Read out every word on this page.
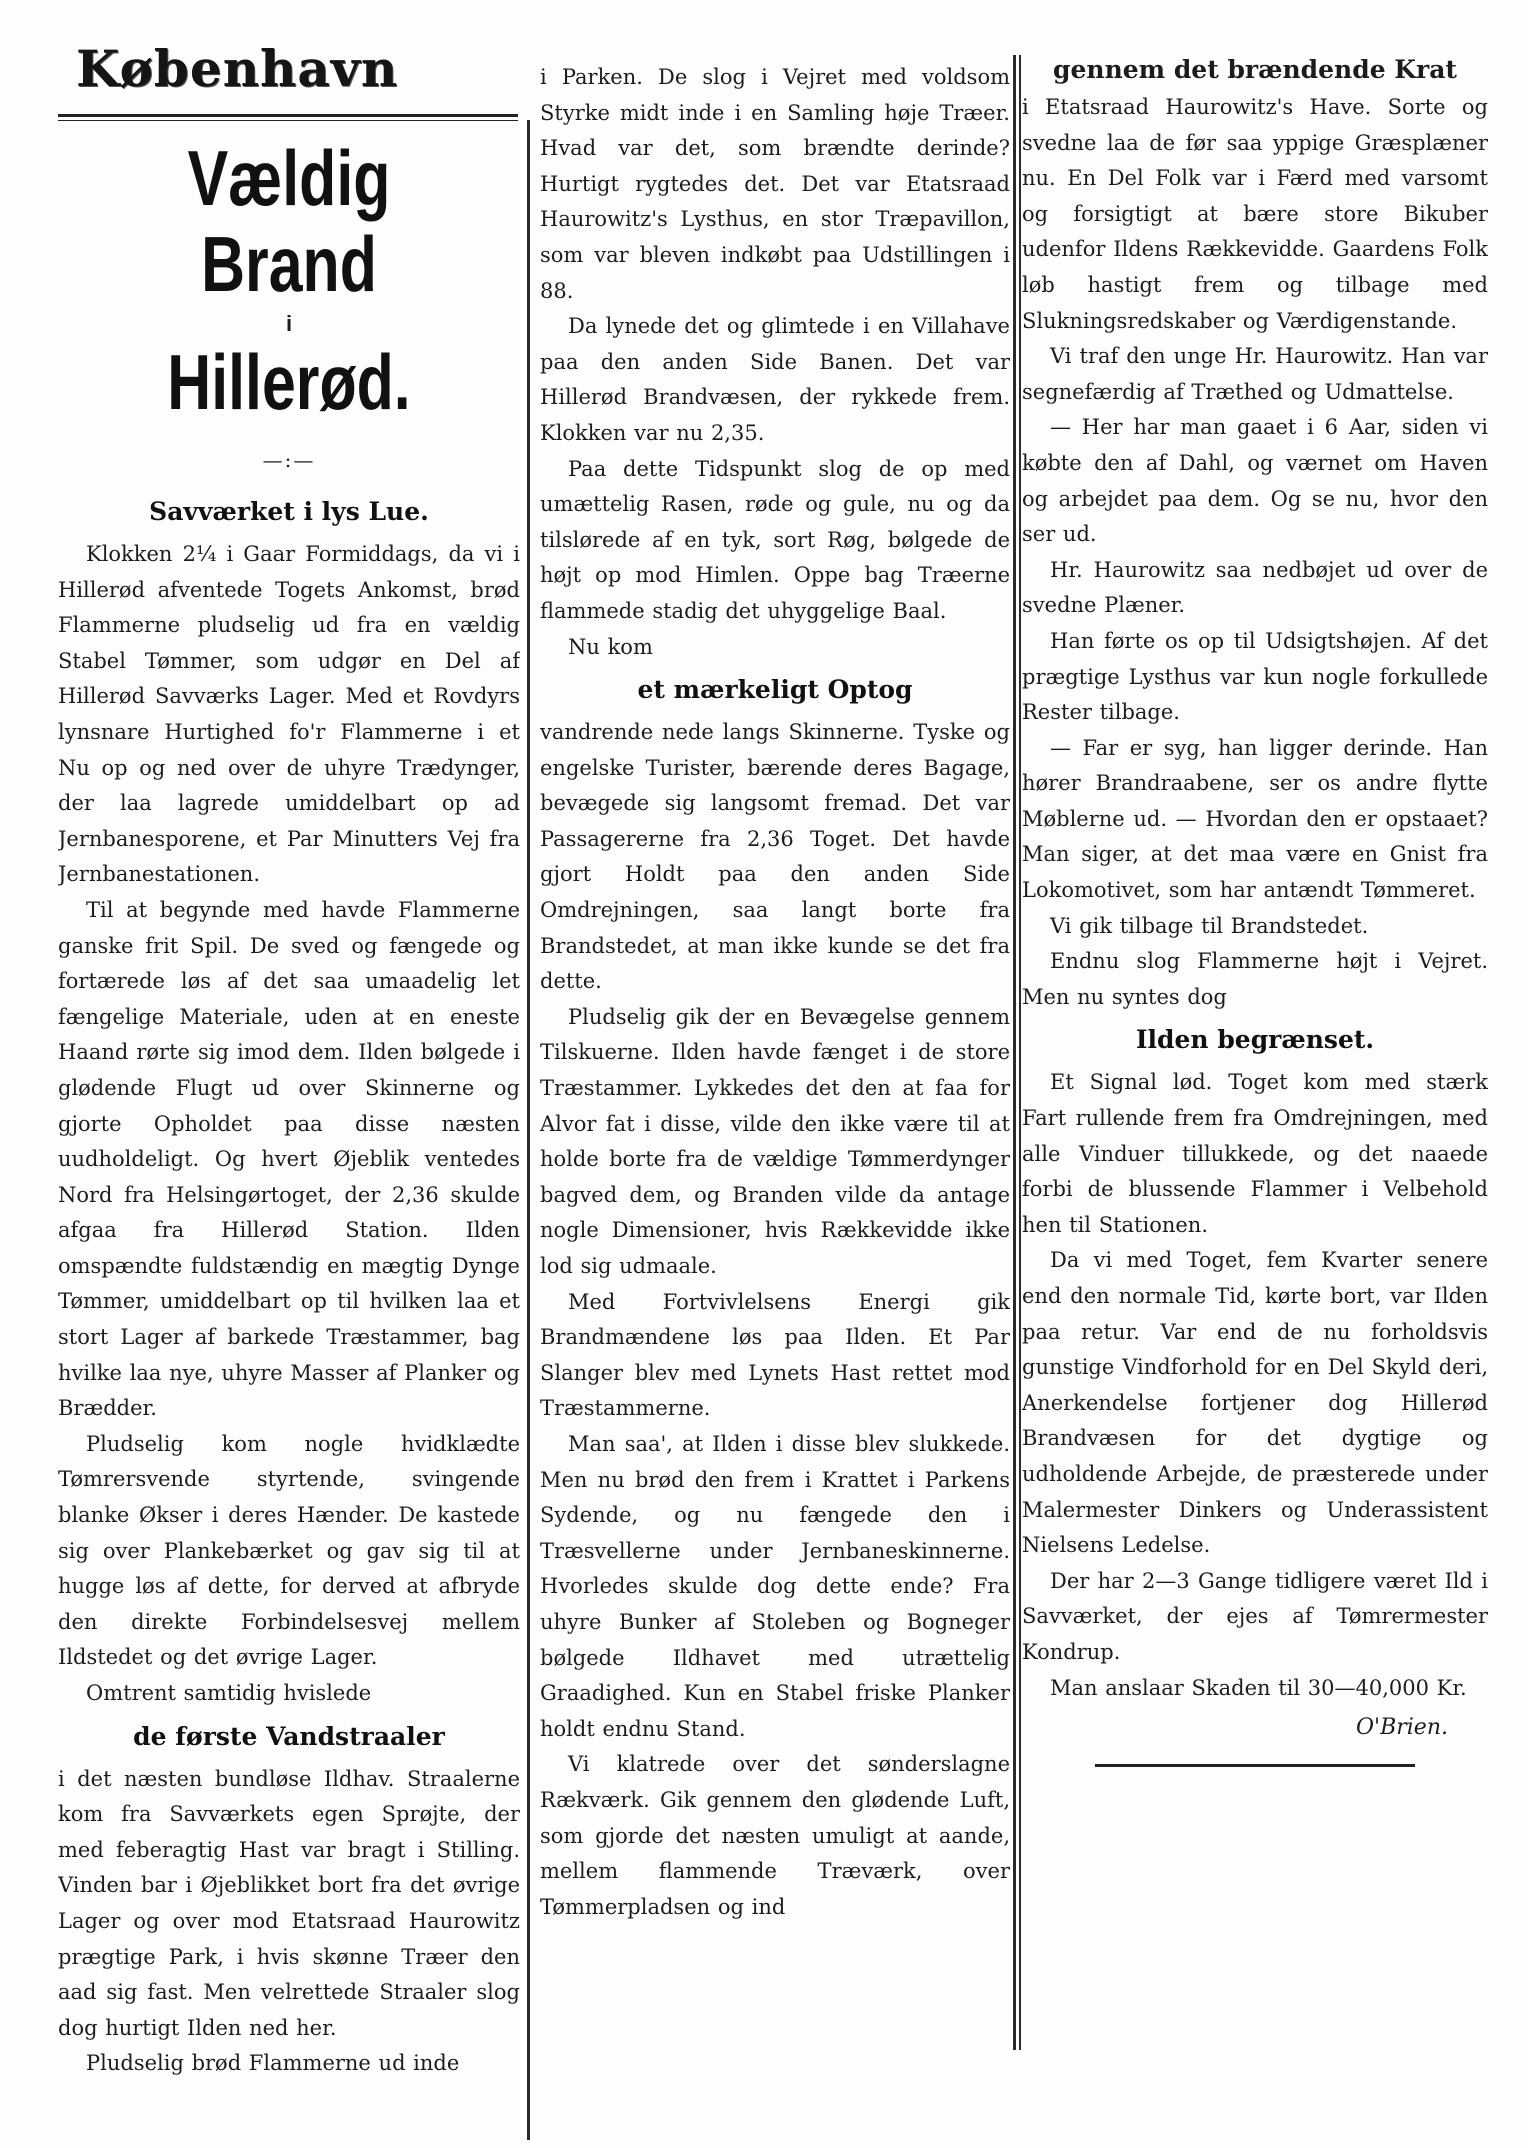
København
Vældig Brand
i
Hillerød.
—:—
Savværket i lys Lue.

Klokken 2¼ i Gaar Formiddags, da vi i Hillerød afventede Togets Ankomst, brød Flammerne pludselig ud fra en vældig Stabel Tømmer, som udgør en Del af Hillerød Savværks Lager. Med et Rovdyrs lynsnare Hurtighed fo'r Flammerne i et Nu op og ned over de uhyre Trædynger, der laa lagrede umiddelbart op ad Jernbanesporene, et Par Minutters Vej fra Jernbanestationen.

Til at begynde med havde Flammerne ganske frit Spil. De sved og fængede og fortærede løs af det saa umaadelig let fængelige Materiale, uden at en eneste Haand rørte sig imod dem. Ilden bølgede i glødende Flugt ud over Skinnerne og gjorte Opholdet paa disse næsten uudholdeligt. Og hvert Øjeblik ventedes Nord fra Helsingørtoget, der 2,36 skulde afgaa fra Hillerød Station. Ilden omspændte fuldstændig en mægtig Dynge Tømmer, umiddelbart op til hvilken laa et stort Lager af barkede Træstammer, bag hvilke laa nye, uhyre Masser af Planker og Brædder.

Pludselig kom nogle hvidklædte Tømrersvende styrtende, svingende blanke Økser i deres Hænder. De kastede sig over Plankebærket og gav sig til at hugge løs af dette, for derved at afbryde den direkte Forbindelsesvej mellem Ildstedet og det øvrige Lager.

Omtrent samtidig hvislede

de første Vandstraaler

i det næsten bundløse Ildhav. Straalerne kom fra Savværkets egen Sprøjte, der med feberagtig Hast var bragt i Stilling. Vinden bar i Øjeblikket bort fra det øvrige Lager og over mod Etatsraad Haurowitz prægtige Park, i hvis skønne Træer den aad sig fast. Men velrettede Straaler slog dog hurtigt Ilden ned her.

Pludselig brød Flammerne ud inde

i Parken. De slog i Vejret med voldsom Styrke midt inde i en Samling høje Træer. Hvad var det, som brændte derinde? Hurtigt rygtedes det. Det var Etatsraad Haurowitz's Lysthus, en stor Træpavillon, som var bleven indkøbt paa Udstillingen i 88.

Da lynede det og glimtede i en Villahave paa den anden Side Banen. Det var Hillerød Brandvæsen, der rykkede frem. Klokken var nu 2,35.

Paa dette Tidspunkt slog de op med umættelig Rasen, røde og gule, nu og da tilslørede af en tyk, sort Røg, bølgede de højt op mod Himlen. Oppe bag Træerne flammede stadig det uhyggelige Baal.

Nu kom

et mærkeligt Optog

vandrende nede langs Skinnerne. Tyske og engelske Turister, bærende deres Bagage, bevægede sig langsomt fremad. Det var Passagererne fra 2,36 Toget. Det havde gjort Holdt paa den anden Side Omdrejningen, saa langt borte fra Brandstedet, at man ikke kunde se det fra dette.

Pludselig gik der en Bevægelse gennem Tilskuerne. Ilden havde fænget i de store Træstammer. Lykkedes det den at faa for Alvor fat i disse, vilde den ikke være til at holde borte fra de vældige Tømmerdynger bagved dem, og Branden vilde da antage nogle Dimensioner, hvis Rækkevidde ikke lod sig udmaale.

Med Fortvivlelsens Energi gik Brandmændene løs paa Ilden. Et Par Slanger blev med Lynets Hast rettet mod Træstammerne.

Man saa', at Ilden i disse blev slukkede. Men nu brød den frem i Krattet i Parkens Sydende, og nu fængede den i Træsvellerne under Jernbaneskinnerne. Hvorledes skulde dog dette ende? Fra uhyre Bunker af Stoleben og Bogneger bølgede Ildhavet med utrættelig Graadighed. Kun en Stabel friske Planker holdt endnu Stand.

Vi klatrede over det sønderslagne Rækværk. Gik gennem den glødende Luft, som gjorde det næsten umuligt at aande, mellem flammende Træværk, over Tømmerpladsen og ind

gennem det brændende Krat

i Etatsraad Haurowitz's Have. Sorte og svedne laa de før saa yppige Græsplæner nu. En Del Folk var i Færd med varsomt og forsigtigt at bære store Bikuber udenfor Ildens Rækkevidde. Gaardens Folk løb hastigt frem og tilbage med Slukningsredskaber og Værdigenstande.

Vi traf den unge Hr. Haurowitz. Han var segnefærdig af Træthed og Udmattelse.

— Her har man gaaet i 6 Aar, siden vi købte den af Dahl, og værnet om Haven og arbejdet paa dem. Og se nu, hvor den ser ud.

Hr. Haurowitz saa nedbøjet ud over de svedne Plæner.

Han førte os op til Udsigtshøjen. Af det prægtige Lysthus var kun nogle forkullede Rester tilbage.

— Far er syg, han ligger derinde. Han hører Brandraabene, ser os andre flytte Møblerne ud. — Hvordan den er opstaaet? Man siger, at det maa være en Gnist fra Lokomotivet, som har antændt Tømmeret.

Vi gik tilbage til Brandstedet.

Endnu slog Flammerne højt i Vejret. Men nu syntes dog

Ilden begrænset.

Et Signal lød. Toget kom med stærk Fart rullende frem fra Omdrejningen, med alle Vinduer tillukkede, og det naaede forbi de blussende Flammer i Velbehold hen til Stationen.

Da vi med Toget, fem Kvarter senere end den normale Tid, kørte bort, var Ilden paa retur. Var end de nu forholdsvis gunstige Vindforhold for en Del Skyld deri, Anerkendelse fortjener dog Hillerød Brandvæsen for det dygtige og udholdende Arbejde, de præsterede under Malermester Dinkers og Underassistent Nielsens Ledelse.

Der har 2—3 Gange tidligere været Ild i Savværket, der ejes af Tømrermester Kondrup.

Man anslaar Skaden til 30—40,000 Kr.

O'Brien.
